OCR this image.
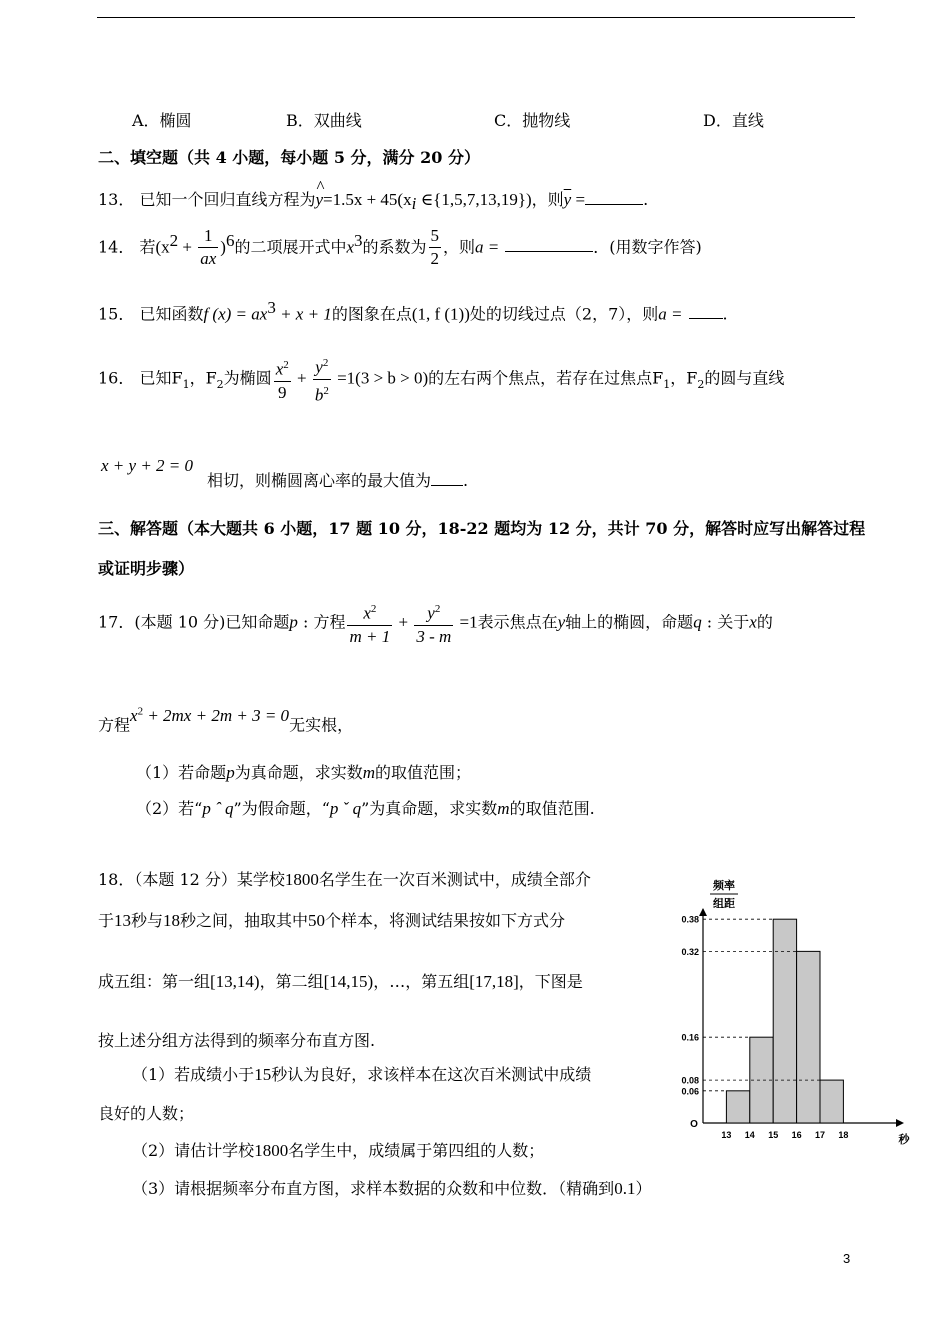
A．椭圆	B．双曲线	C．抛物线	D．直线
二、填空题（共 4 小题，每小题 5 分，满分 20 分）
13． 已知一个回归直线方程为y
^
$=1.5x + 45(x_i$ ∈{1,5,7,13,19})，则$\overline{y}$ =	.
14． 若$(x^2 + \frac{1}{ax} )^6$的二项展开式中$x^3$的系数为 $\frac{5}{2}$ ，则a =	．(用数字作答)
15． 已知函数f $(x) = ax^3 + x + 1$的图象在点(1, f (1))处的切线过点（2，7），则a =	.
16． 已知$F_1$，$F_2$为椭圆 $\frac{x^2}{9} + \frac{y^2}{b^2} =1(3 > b > 0)$的左右两个焦点，若存在过焦点$F_1$，$F_2$的圆与直线
x + y + 2 = 0
相切，则椭圆离心率的最大值为 .
三、解答题（本大题共 6 小题，17 题 10 分，18-22 题均为 12 分，共计 70 分，解答时应写出解答过程
或证明步骤）
17．(本题 10 分)已知命题p : 方程 $\frac{x^2}{m + 1} + \frac{y^2}{3 - m} =1$表示焦点在y轴上的椭圆，命题q : 关于x的
方程$x^2 + 2mx + 2m + 3 = 0$无实根，
（1）若命题p为真命题，求实数m的取值范围；
（2）若“p ˆ q”为假命题，“p ˇ q”为真命题，求实数m的取值范围.
18．（本题 12 分）某学校1800名学生在一次百米测试中，成绩全部介
于13秒与18秒之间，抽取其中50个样本，将测试结果按如下方式分
成五组：第一组[13,14)，第二组[14,15)，…，第五组[17,18]，下图是
按上述分组方法得到的频率分布直方图.
（1）若成绩小于15秒认为良好，求该样本在这次百米测试中成绩
良好的人数；
（2）请估计学校1800名学生中，成绩属于第四组的人数；
（3）请根据频率分布直方图，求样本数据的众数和中位数．（精确到0.1）
频率
组距
O
秒
0.38
0.32
0.16
0.08
0.06
13 14 15 16 17 18
3
